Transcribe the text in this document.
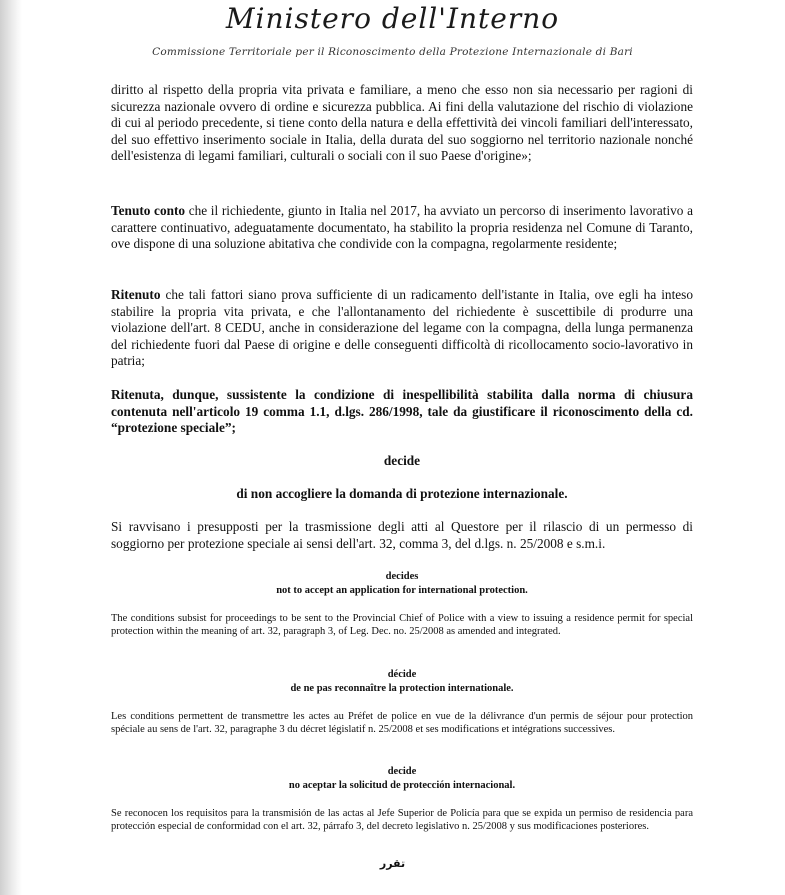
Ministero dell'Interno
Commissione Territoriale per il Riconoscimento della Protezione Internazionale di Bari

diritto al rispetto della propria vita privata e familiare, a meno che esso non sia necessario per ragioni di sicurezza nazionale ovvero di ordine e sicurezza pubblica. Ai fini della valutazione del rischio di violazione di cui al periodo precedente, si tiene conto della natura e della effettività dei vincoli familiari dell'interessato, del suo effettivo inserimento sociale in Italia, della durata del suo soggiorno nel territorio nazionale nonché dell'esistenza di legami familiari, culturali o sociali con il suo Paese d'origine»;

Tenuto conto che il richiedente, giunto in Italia nel 2017, ha avviato un percorso di inserimento lavorativo a carattere continuativo, adeguatamente documentato, ha stabilito la propria residenza nel Comune di Taranto, ove dispone di una soluzione abitativa che condivide con la compagna, regolarmente residente;

Ritenuto che tali fattori siano prova sufficiente di un radicamento dell'istante in Italia, ove egli ha inteso stabilire la propria vita privata, e che l'allontanamento del richiedente è suscettibile di produrre una violazione dell'art. 8 CEDU, anche in considerazione del legame con la compagna, della lunga permanenza del richiedente fuori dal Paese di origine e delle conseguenti difficoltà di ricollocamento socio-lavorativo in patria;

Ritenuta, dunque, sussistente la condizione di inespellibilità stabilita dalla norma di chiusura contenuta nell'articolo 19 comma 1.1, d.lgs. 286/1998, tale da giustificare il riconoscimento della cd. “protezione speciale”;

decide

di non accogliere la domanda di protezione internazionale.

Si ravvisano i presupposti per la trasmissione degli atti al Questore per il rilascio di un permesso di soggiorno per protezione speciale ai sensi dell'art. 32, comma 3, del d.lgs. n. 25/2008 e s.m.i.

decides

not to accept an application for international protection.

The conditions subsist for proceedings to be sent to the Provincial Chief of Police with a view to issuing a residence permit for special protection within the meaning of art. 32, paragraph 3, of Leg. Dec. no. 25/2008 as amended and integrated.

décide

de ne pas reconnaître la protection internationale.

Les conditions permettent de transmettre les actes au Préfet de police en vue de la délivrance d'un permis de séjour pour protection spéciale au sens de l'art. 32, paragraphe 3 du décret législatif n. 25/2008 et ses modifications et intégrations successives.

decide

no aceptar la solicitud de protección internacional.

Se reconocen los requisitos para la transmisión de las actas al Jefe Superior de Policía para que se expida un permiso de residencia para protección especial de conformidad con el art. 32, párrafo 3, del decreto legislativo n. 25/2008 y sus modificaciones posteriores.

تقرر
